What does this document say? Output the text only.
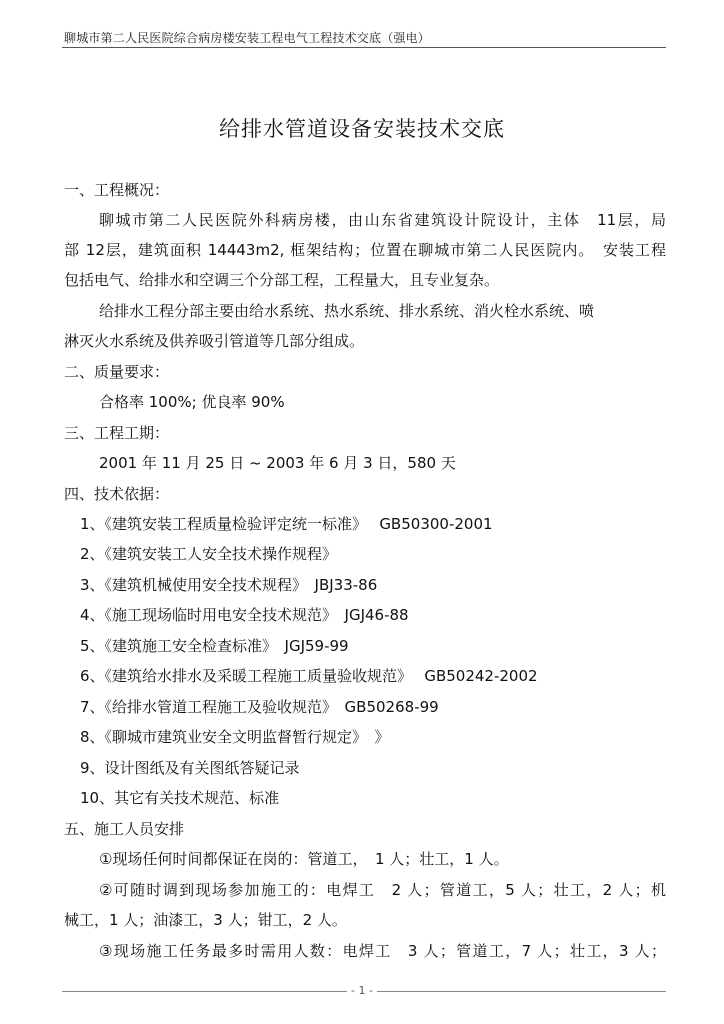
聊城市第二人民医院综合病房楼安装工程电气工程技术交底（强电）
给排水管道设备安装技术交底
一、工程概况：
聊城市第二人民医院外科病房楼，由山东省建筑设计院设计，主体　11层，局
部 12层，建筑面积 14443m2, 框架结构；位置在聊城市第二人民医院内。　安装工程
包括电气、给排水和空调三个分部工程，工程量大，且专业复杂。
给排水工程分部主要由给水系统、热水系统、排水系统、消火栓水系统、喷
淋灭火水系统及供养吸引管道等几部分组成。
二、质量要求：
合格率 100%; 优良率 90%
三、工程工期：
2001 年 11 月 25 日 ~ 2003 年 6 月 3 日，580 天
四、技术依据：
1、《建筑安装工程质量检验评定统一标准》　 GB50300-2001
2、《建筑安装工人安全技术操作规程》
3、《建筑机械使用安全技术规程》　JBJ33-86
4、《施工现场临时用电安全技术规范》　JGJ46-88
5、《建筑施工安全检查标准》　JGJ59-99
6、《建筑给水排水及采暖工程施工质量验收规范》　 GB50242-2002
7、《给排水管道工程施工及验收规范》　GB50268-99
8、《聊城市建筑业安全文明监督暂行规定》　》
9、设计图纸及有关图纸答疑记录
10、其它有关技术规范、标准
五、施工人员安排
①现场任何时间都保证在岗的：管道工，　1 人；壮工，1 人。
②可随时调到现场参加施工的：电焊工　2 人；管道工，5 人；壮工，2 人；机
械工，1 人；油漆工，3 人；钳工，2 人。
③现场施工任务最多时需用人数：电焊工　3 人；管道工，7 人；壮工，3 人；
- 1 -
